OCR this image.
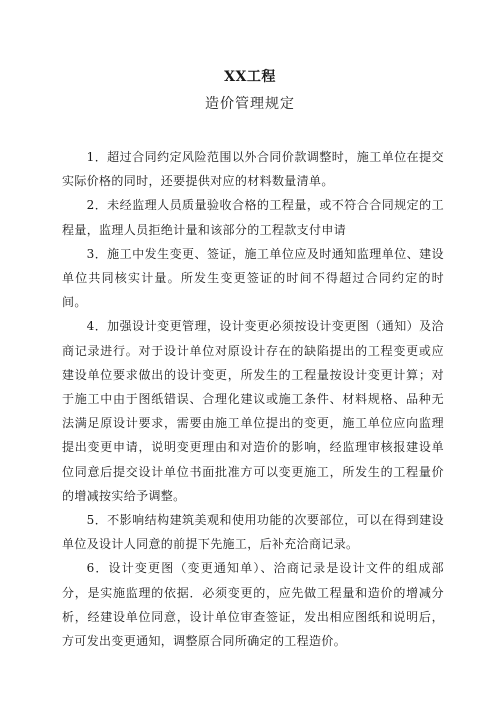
XX工程
造价管理规定

1．超过合同约定风险范围以外合同价款调整时，施工单位在提交实际价格的同时，还要提供对应的材料数量清单。

2．未经监理人员质量验收合格的工程量，或不符合合同规定的工程量，监理人员拒绝计量和该部分的工程款支付申请

3．施工中发生变更、签证，施工单位应及时通知监理单位、建设单位共同核实计量。所发生变更签证的时间不得超过合同约定的时间。

4．加强设计变更管理，设计变更必须按设计变更图（通知）及洽商记录进行。对于设计单位对原设计存在的缺陷提出的工程变更或应建设单位要求做出的设计变更，所发生的工程量按设计变更计算；对于施工中由于图纸错误、合理化建议或施工条件、材料规格、品种无法满足原设计要求，需要由施工单位提出的变更，施工单位应向监理提出变更申请，说明变更理由和对造价的影响，经监理审核报建设单位同意后提交设计单位书面批准方可以变更施工，所发生的工程量价的增减按实给予调整。

5．不影响结构建筑美观和使用功能的次要部位，可以在得到建设单位及设计人同意的前提下先施工，后补充洽商记录。

6．设计变更图（变更通知单）、洽商记录是设计文件的组成部分，是实施监理的依据．必须变更的，应先做工程量和造价的增减分析，经建设单位同意，设计单位审查签证，发出相应图纸和说明后，方可发出变更通知，调整原合同所确定的工程造价。
